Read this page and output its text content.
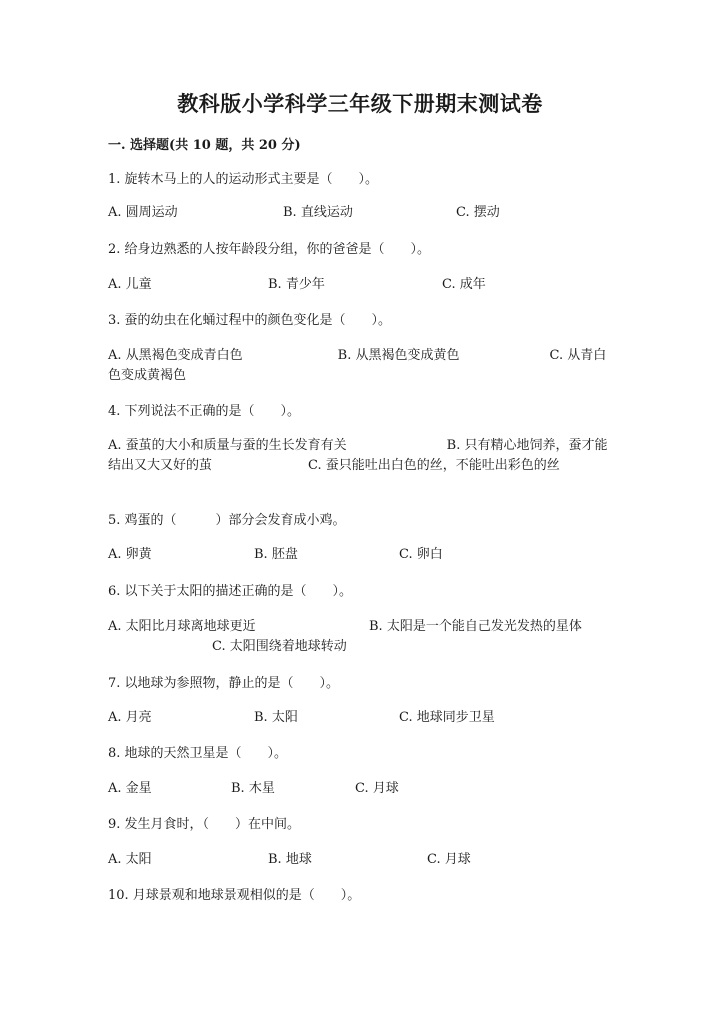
教科版小学科学三年级下册期末测试卷
一. 选择题(共 10 题，共 20 分)
1. 旋转木马上的人的运动形式主要是（　　）。
A. 圆周运动	B. 直线运动	C. 摆动
2. 给身边熟悉的人按年龄段分组，你的爸爸是（　　）。
A. 儿童	B. 青少年	C. 成年
3. 蚕的幼虫在化蛹过程中的颜色变化是（　　）。
A. 从黑褐色变成青白色	B. 从黑褐色变成黄色	C. 从青白色变成黄褐色
4. 下列说法不正确的是（　　）。
A. 蚕茧的大小和质量与蚕的生长发育有关	B. 只有精心地饲养，蚕才能结出又大又好的茧	C. 蚕只能吐出白色的丝，不能吐出彩色的丝
5. 鸡蛋的（　　　）部分会发育成小鸡。
A. 卵黄	B. 胚盘	C. 卵白
6. 以下关于太阳的描述正确的是（　　）。
A. 太阳比月球离地球更近	B. 太阳是一个能自己发光发热的星体
C. 太阳围绕着地球转动
7. 以地球为参照物，静止的是（　　）。
A. 月亮	B. 太阳	C. 地球同步卫星
8. 地球的天然卫星是（　　）。
A. 金星	B. 木星	C. 月球
9. 发生月食时，（　　）在中间。
A. 太阳	B. 地球	C. 月球
10. 月球景观和地球景观相似的是（　　）。
